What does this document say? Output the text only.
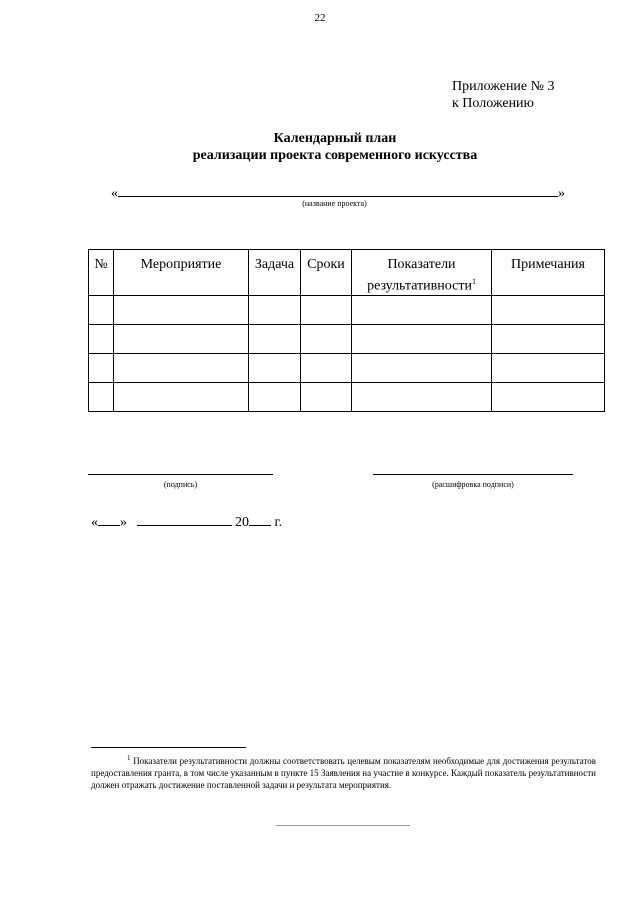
22
Приложение № 3
к Положению
Календарный план
реализации проекта современного искусства
«	»
(название проекта)
№	Мероприятие	Задача	Сроки	Показатели результативности$^1$	Примечания

(подпись)	(расшифровка подписи)
« »	20 г.
$^1$ Показатели результативности должны соответствовать целевым показателям необходимые для достижения результатов предоставления гранта, в том числе указанным в пункте 15 Заявления на участие в конкурсе. Каждый показатель результативности должен отражать достижение поставленной задачи и результата мероприятия.
